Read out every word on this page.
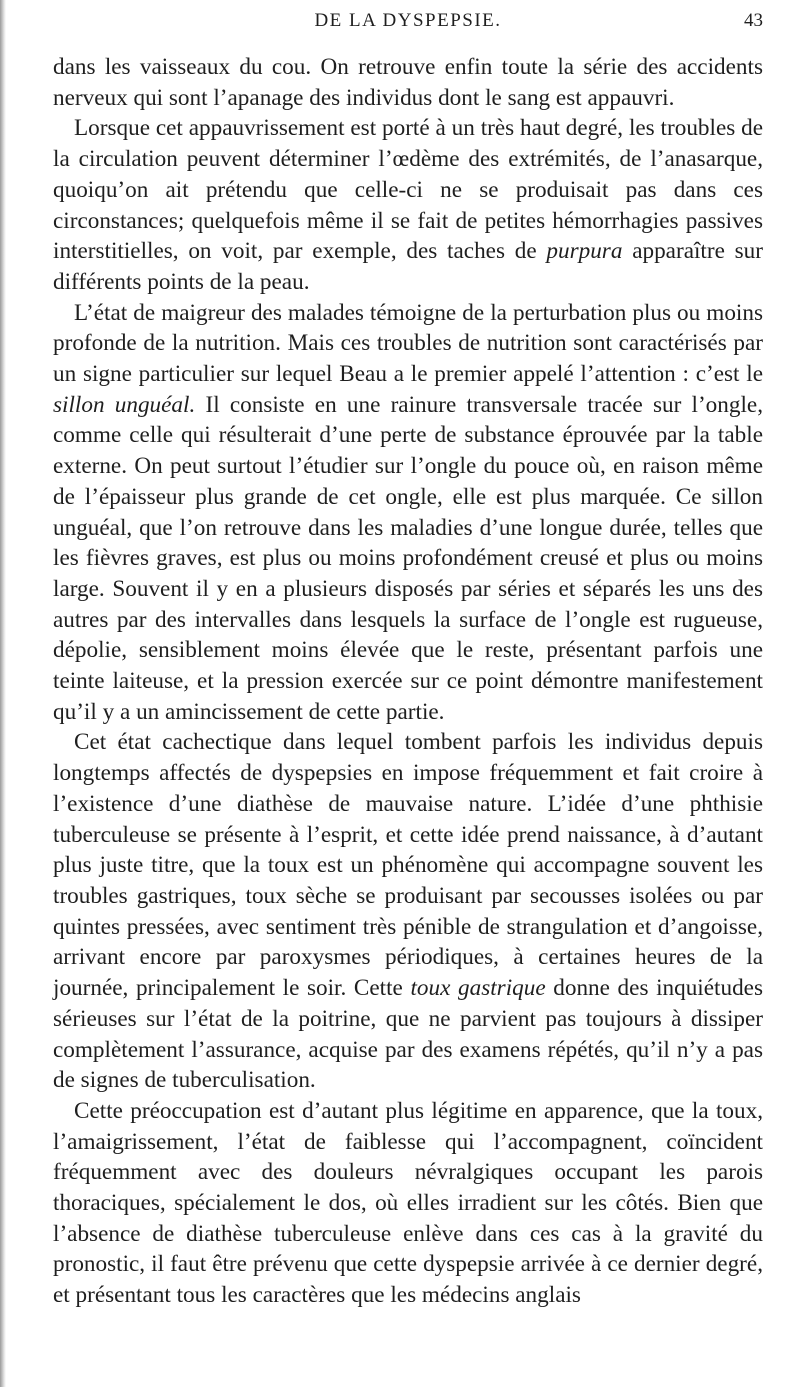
DE LA DYSPEPSIE.	43

dans les vaisseaux du cou. On retrouve enfin toute la série des accidents nerveux qui sont l’apanage des individus dont le sang est appauvri.

Lorsque cet appauvrissement est porté à un très haut degré, les troubles de la circulation peuvent déterminer l’œdème des extrémités, de l’anasarque, quoiqu’on ait prétendu que celle-ci ne se produisait pas dans ces circonstances; quelquefois même il se fait de petites hémorrhagies passives interstitielles, on voit, par exemple, des taches de purpura apparaître sur différents points de la peau.

L’état de maigreur des malades témoigne de la perturbation plus ou moins profonde de la nutrition. Mais ces troubles de nutrition sont caractérisés par un signe particulier sur lequel Beau a le premier appelé l’attention : c’est le sillon unguéal. Il consiste en une rainure transversale tracée sur l’ongle, comme celle qui résulterait d’une perte de substance éprouvée par la table externe. On peut surtout l’étudier sur l’ongle du pouce où, en raison même de l’épaisseur plus grande de cet ongle, elle est plus marquée. Ce sillon unguéal, que l’on retrouve dans les maladies d’une longue durée, telles que les fièvres graves, est plus ou moins profondément creusé et plus ou moins large. Souvent il y en a plusieurs disposés par séries et séparés les uns des autres par des intervalles dans lesquels la surface de l’ongle est rugueuse, dépolie, sensiblement moins élevée que le reste, présentant parfois une teinte laiteuse, et la pression exercée sur ce point démontre manifestement qu’il y a un amincissement de cette partie.

Cet état cachectique dans lequel tombent parfois les individus depuis longtemps affectés de dyspepsies en impose fréquemment et fait croire à l’existence d’une diathèse de mauvaise nature. L’idée d’une phthisie tuberculeuse se présente à l’esprit, et cette idée prend naissance, à d’autant plus juste titre, que la toux est un phénomène qui accompagne souvent les troubles gastriques, toux sèche se produisant par secousses isolées ou par quintes pressées, avec sentiment très pénible de strangulation et d’angoisse, arrivant encore par paroxysmes périodiques, à certaines heures de la journée, principalement le soir. Cette toux gastrique donne des inquiétudes sérieuses sur l’état de la poitrine, que ne parvient pas toujours à dissiper complètement l’assurance, acquise par des examens répétés, qu’il n’y a pas de signes de tuberculisation.

Cette préoccupation est d’autant plus légitime en apparence, que la toux, l’amaigrissement, l’état de faiblesse qui l’accompagnent, coïncident fréquemment avec des douleurs névralgiques occupant les parois thoraciques, spécialement le dos, où elles irradient sur les côtés. Bien que l’absence de diathèse tuberculeuse enlève dans ces cas à la gravité du pronostic, il faut être prévenu que cette dyspepsie arrivée à ce dernier degré, et présentant tous les caractères que les médecins anglais
